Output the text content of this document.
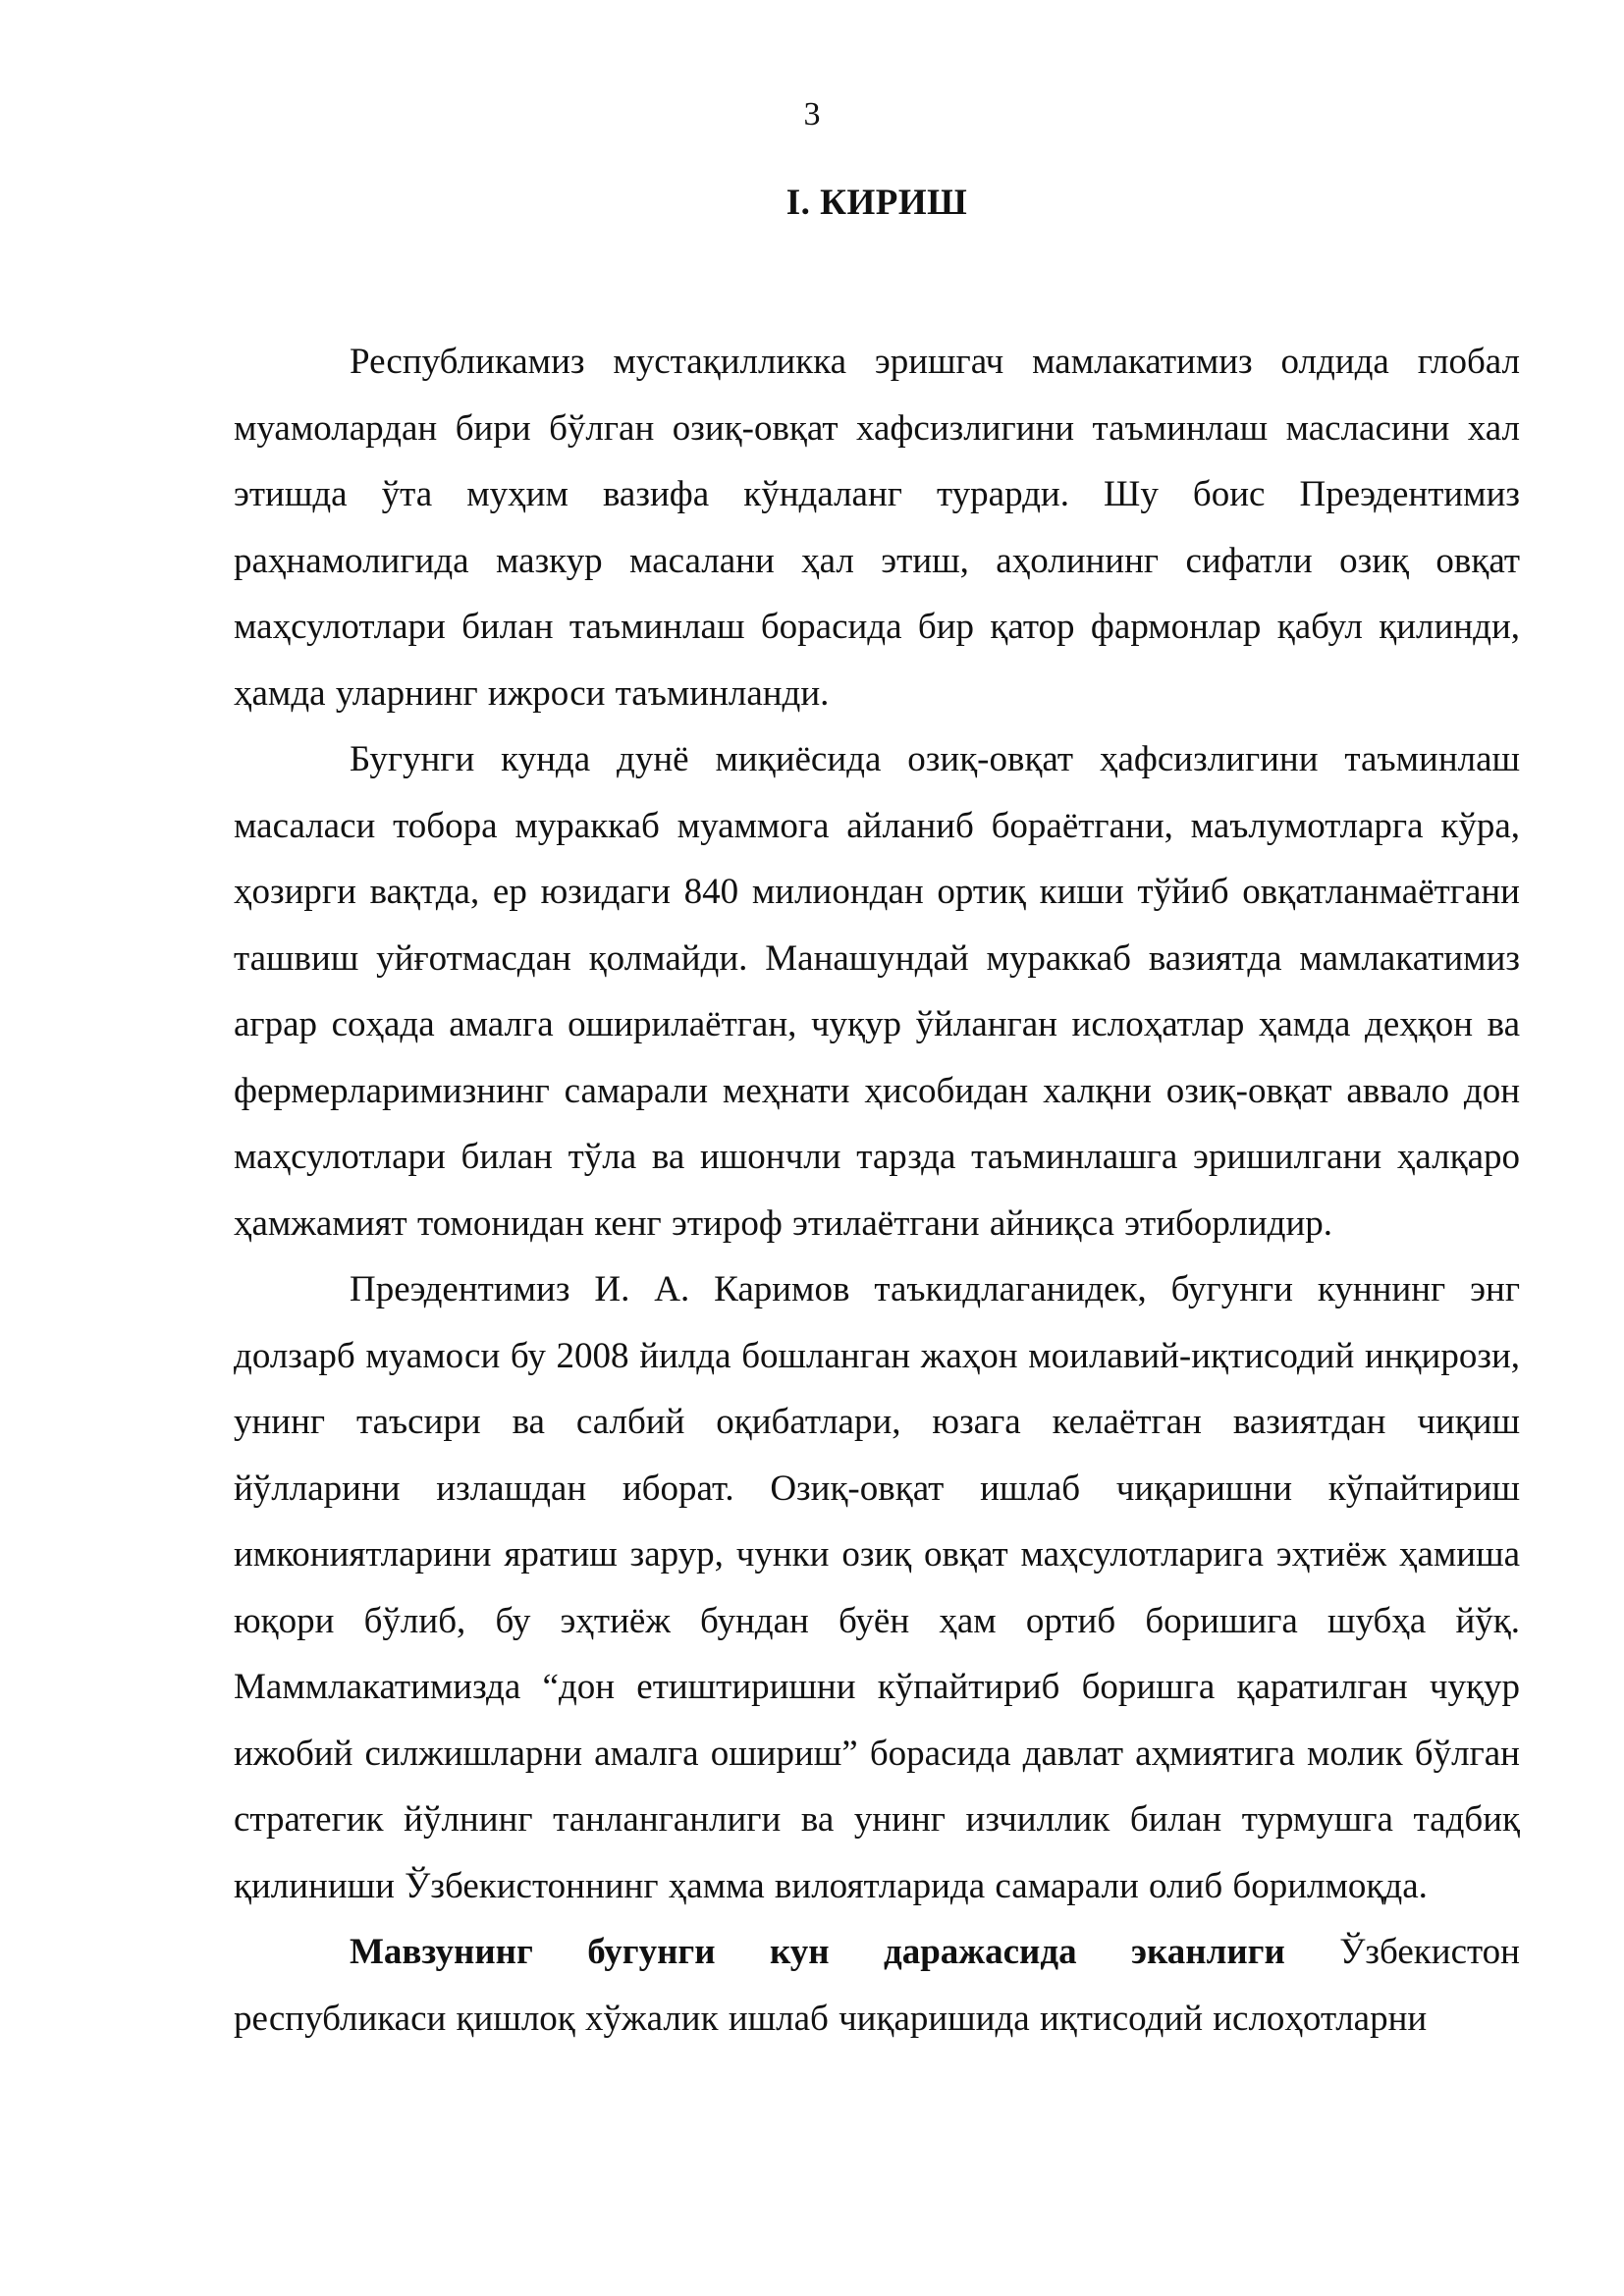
3
I. КИРИШ

Республикамиз мустақилликка эришгач мамлакатимиз олдида глобал муамолардан бири бўлган озиқ-овқат хафсизлигини таъминлаш масласини хал этишда ўта муҳим вазифа кўндаланг турарди. Шу боис Преэдентимиз раҳнамолигида мазкур масалани ҳал этиш, аҳолининг сифатли озиқ овқат маҳсулотлари билан таъминлаш борасида бир қатор фармонлар қабул қилинди, ҳамда уларнинг ижроси таъминланди.

Бугунги кунда дунё миқиёсида озиқ-овқат ҳафсизлигини таъминлаш масаласи тобора мураккаб муаммога айланиб бораётгани, маълумотларга кўра, ҳозирги вақтда, ер юзидаги 840 милиондан ортиқ киши тўйиб овқатланмаётгани ташвиш уйғотмасдан қолмайди. Манашундай мураккаб вазиятда мамлакатимиз аграр соҳада амалга оширилаётган, чуқур ўйланган ислоҳатлар ҳамда деҳқон ва фермерларимизнинг самарали меҳнати ҳисобидан халқни озиқ-овқат аввало дон маҳсулотлари билан тўла ва ишончли тарзда таъминлашга эришилгани ҳалқаро ҳамжамият томонидан кенг этироф этилаётгани айниқса этиборлидир.

Преэдентимиз И. А. Каримов таъкидлаганидек, бугунги куннинг энг долзарб муамоси бу 2008 йилда бошланган жаҳон моилавий-иқтисодий инқирози, унинг таъсири ва салбий оқибатлари, юзага келаётган вазиятдан чиқиш йўлларини излашдан иборат. Озиқ-овқат ишлаб чиқаришни кўпайтириш имкониятларини яратиш зарур, чунки озиқ овқат маҳсулотларига эҳтиёж ҳамиша юқори бўлиб, бу эҳтиёж бундан буён ҳам ортиб боришига шубҳа йўқ. Маммлакатимизда “дон етиштиришни кўпайтириб боришга қаратилган чуқур ижобий силжишларни амалга ошириш” борасида давлат аҳмиятига молик бўлган стратегик йўлнинг танланганлиги ва унинг изчиллик билан турмушга тадбиқ қилиниши Ўзбекистоннинг ҳамма вилоятларида самарали олиб борилмоқда.

Мавзунинг бугунги кун даражасида эканлиги Ўзбекистон республикаси қишлоқ хўжалик ишлаб чиқаришида иқтисодий ислоҳотларни
